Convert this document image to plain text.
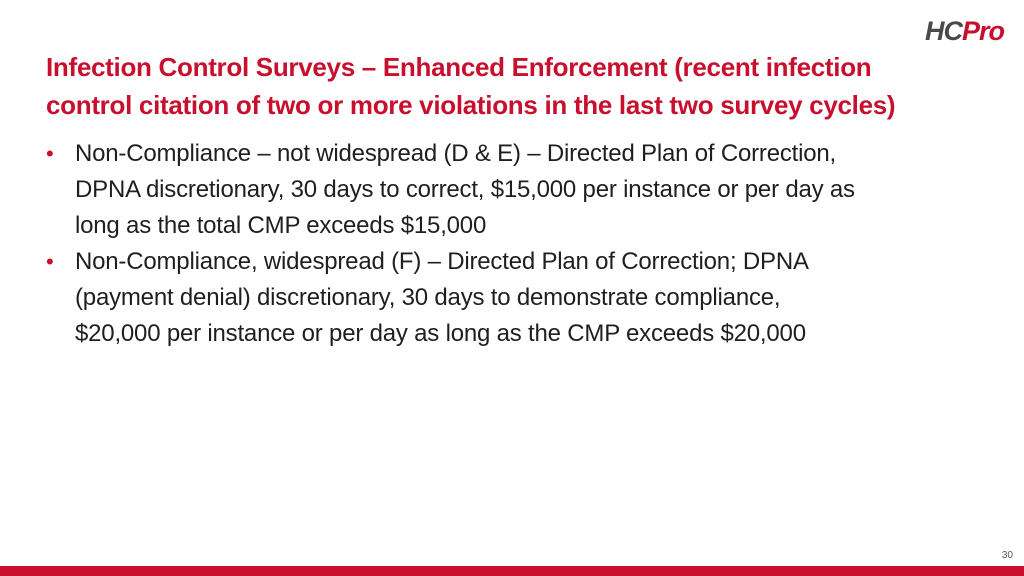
HCPro
Infection Control Surveys – Enhanced Enforcement (recent infection
control citation of two or more violations in the last two survey cycles)
• Non-Compliance – not widespread (D & E) – Directed Plan of Correction,
DPNA discretionary, 30 days to correct, $15,000 per instance or per day as
long as the total CMP exceeds $15,000
• Non-Compliance, widespread (F) – Directed Plan of Correction; DPNA
(payment denial) discretionary, 30 days to demonstrate compliance,
$20,000 per instance or per day as long as the CMP exceeds $20,000
30
